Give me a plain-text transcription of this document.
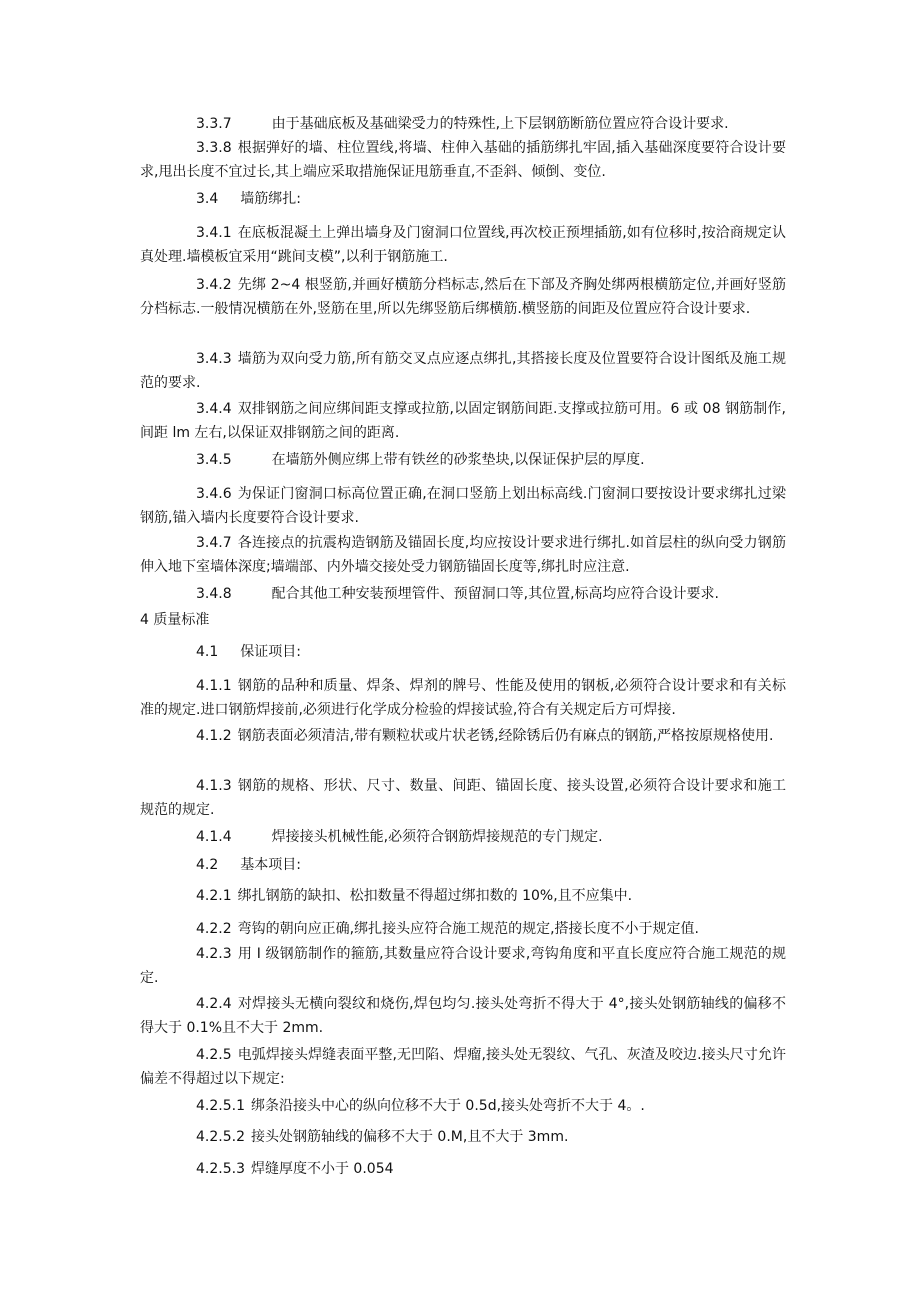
3.3.7	由于基础底板及基础梁受力的特殊性,上下层钢筋断筋位置应符合设计要求.

3.3.8 根据弹好的墙、柱位置线,将墙、柱伸入基础的插筋绑扎牢固,插入基础深度要符合设计要求,甩出长度不宜过长,其上端应采取措施保证甩筋垂直,不歪斜、倾倒、变位.

3.4 墙筋绑扎:

3.4.1 在底板混凝土上弹出墙身及门窗洞口位置线,再次校正预埋插筋,如有位移时,按洽商规定认真处理.墙模板宜采用“跳间支模”,以利于钢筋施工.

3.4.2 先绑 2~4 根竖筋,并画好横筋分档标志,然后在下部及齐胸处绑两根横筋定位,并画好竖筋分档标志.一般情况横筋在外,竖筋在里,所以先绑竖筋后绑横筋.横竖筋的间距及位置应符合设计要求.

3.4.3 墙筋为双向受力筋,所有筋交叉点应逐点绑扎,其搭接长度及位置要符合设计图纸及施工规范的要求.

3.4.4 双排钢筋之间应绑间距支撑或拉筋,以固定钢筋间距.支撑或拉筋可用。6 或 08 钢筋制作,间距 lm 左右,以保证双排钢筋之间的距离.

3.4.5	在墙筋外侧应绑上带有铁丝的砂浆垫块,以保证保护层的厚度.

3.4.6 为保证门窗洞口标高位置正确,在洞口竖筋上划出标高线.门窗洞口要按设计要求绑扎过梁钢筋,锚入墙内长度要符合设计要求.

3.4.7 各连接点的抗震构造钢筋及锚固长度,均应按设计要求进行绑扎.如首层柱的纵向受力钢筋伸入地下室墙体深度;墙端部、内外墙交接处受力钢筋锚固长度等,绑扎时应注意.

3.4.8	配合其他工种安装预埋管件、预留洞口等,其位置,标高均应符合设计要求.

4 质量标准

4.1 保证项目:

4.1.1 钢筋的品种和质量、焊条、焊剂的牌号、性能及使用的钢板,必须符合设计要求和有关标准的规定.进口钢筋焊接前,必须进行化学成分检验的焊接试验,符合有关规定后方可焊接.

4.1.2 钢筋表面必须清洁,带有颗粒状或片状老锈,经除锈后仍有麻点的钢筋,严格按原规格使用.

4.1.3 钢筋的规格、形状、尺寸、数量、间距、锚固长度、接头设置,必须符合设计要求和施工规范的规定.

4.1.4	焊接接头机械性能,必须符合钢筋焊接规范的专门规定.

4.2 基本项目:

4.2.1 绑扎钢筋的缺扣、松扣数量不得超过绑扣数的 10%,且不应集中.

4.2.2 弯钩的朝向应正确,绑扎接头应符合施工规范的规定,搭接长度不小于规定值.

4.2.3 用 I 级钢筋制作的箍筋,其数量应符合设计要求,弯钩角度和平直长度应符合施工规范的规定.

4.2.4 对焊接头无横向裂纹和烧伤,焊包均匀.接头处弯折不得大于 4°,接头处钢筋轴线的偏移不得大于 0.1%且不大于 2mm.

4.2.5 电弧焊接头焊缝表面平整,无凹陷、焊瘤,接头处无裂纹、气孔、灰渣及咬边.接头尺寸允许偏差不得超过以下规定:

4.2.5.1 绑条沿接头中心的纵向位移不大于 0.5d,接头处弯折不大于 4。.

4.2.5.2 接头处钢筋轴线的偏移不大于 0.M,且不大于 3mm.

4.2.5.3 焊缝厚度不小于 0.054
